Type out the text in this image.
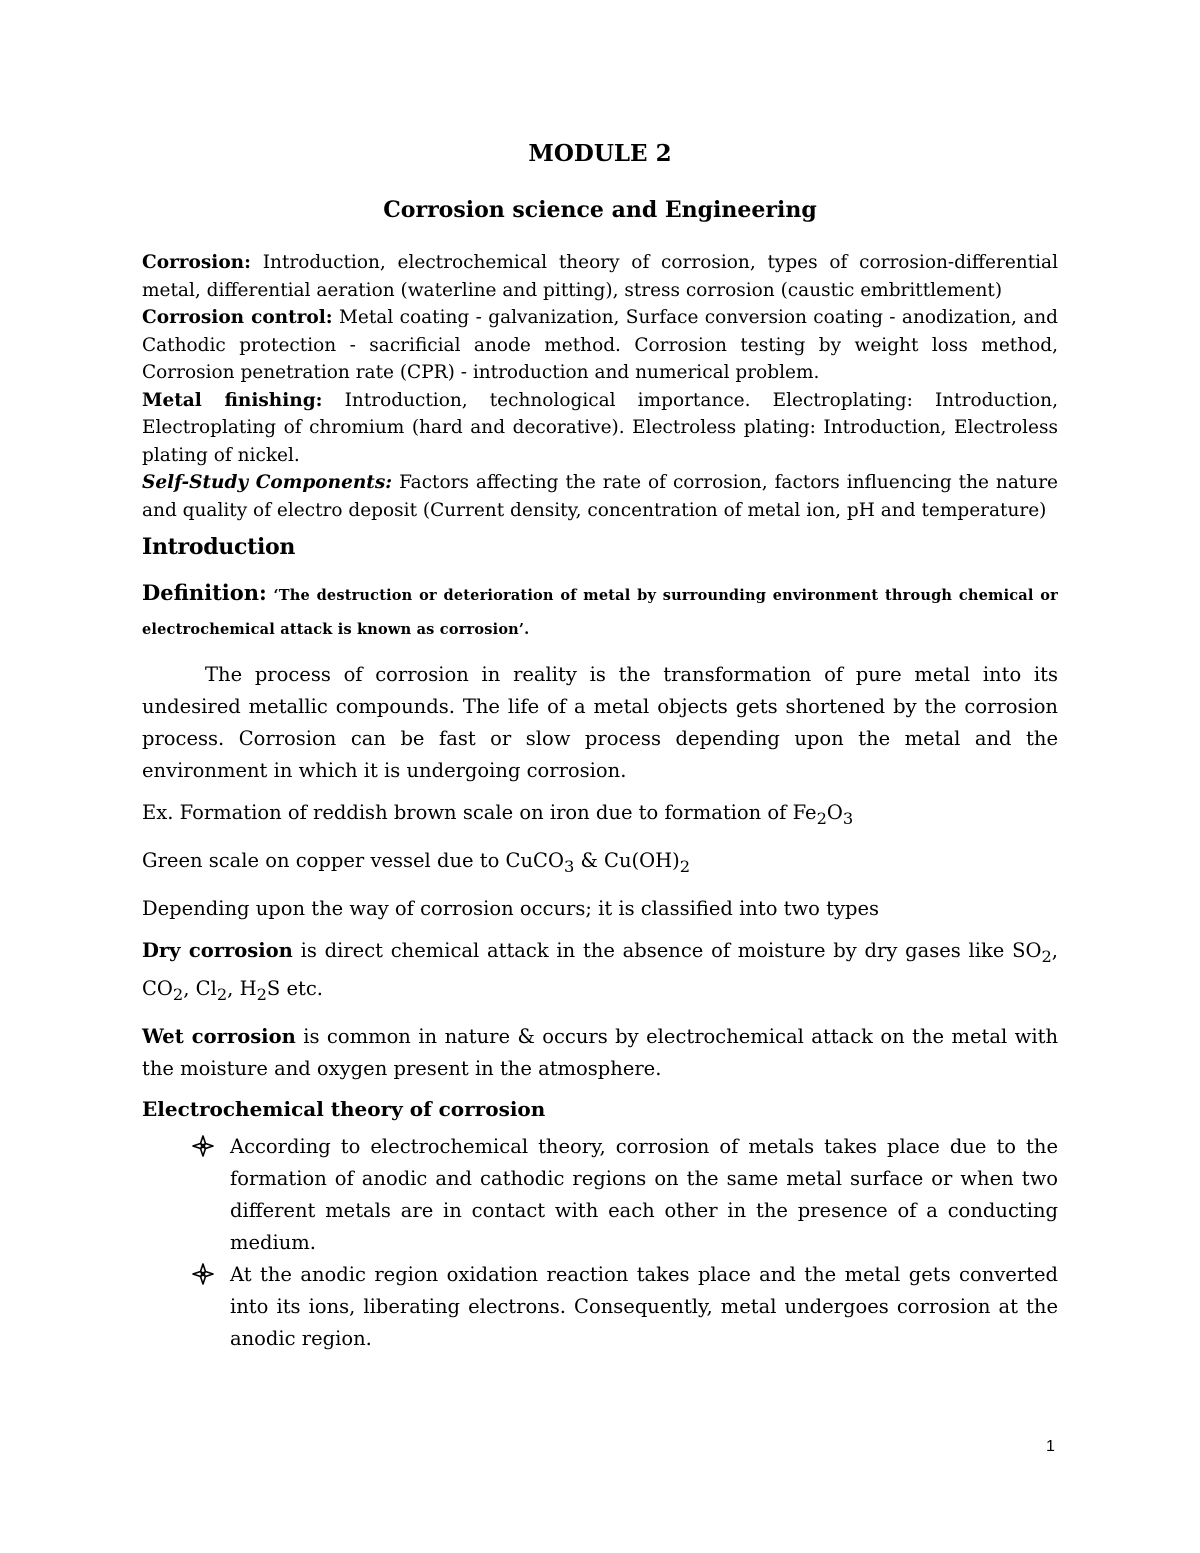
MODULE 2
Corrosion science and Engineering

Corrosion: Introduction, electrochemical theory of corrosion, types of corrosion-differential metal, differential aeration (waterline and pitting), stress corrosion (caustic embrittlement)

Corrosion control: Metal coating - galvanization, Surface conversion coating - anodization, and Cathodic protection - sacrificial anode method. Corrosion testing by weight loss method, Corrosion penetration rate (CPR) - introduction and numerical problem.

Metal finishing: Introduction, technological importance. Electroplating: Introduction, Electroplating of chromium (hard and decorative). Electroless plating: Introduction, Electroless plating of nickel.

Self-Study Components: Factors affecting the rate of corrosion, factors influencing the nature and quality of electro deposit (Current density, concentration of metal ion, pH and temperature)

Introduction
Definition: ‘The destruction or deterioration of metal by surrounding environment through chemical or electrochemical attack is known as corrosion’.

The process of corrosion in reality is the transformation of pure metal into its undesired metallic compounds. The life of a metal objects gets shortened by the corrosion process. Corrosion can be fast or slow process depending upon the metal and the environment in which it is undergoing corrosion.

Ex. Formation of reddish brown scale on iron due to formation of $Fe_2O_3$

Green scale on copper vessel due to CuCO$_3$ & $Cu(OH)_2$

Depending upon the way of corrosion occurs; it is classified into two types

Dry corrosion is direct chemical attack in the absence of moisture by dry gases like $SO_2$, $CO_2$, $Cl_2$, $H_2S$ etc.

Wet corrosion is common in nature & occurs by electrochemical attack on the metal with the moisture and oxygen present in the atmosphere.

Electrochemical theory of corrosion
According to electrochemical theory, corrosion of metals takes place due to the formation of anodic and cathodic regions on the same metal surface or when two different metals are in contact with each other in the presence of a conducting medium.
At the anodic region oxidation reaction takes place and the metal gets converted into its ions, liberating electrons. Consequently, metal undergoes corrosion at the anodic region.
1
